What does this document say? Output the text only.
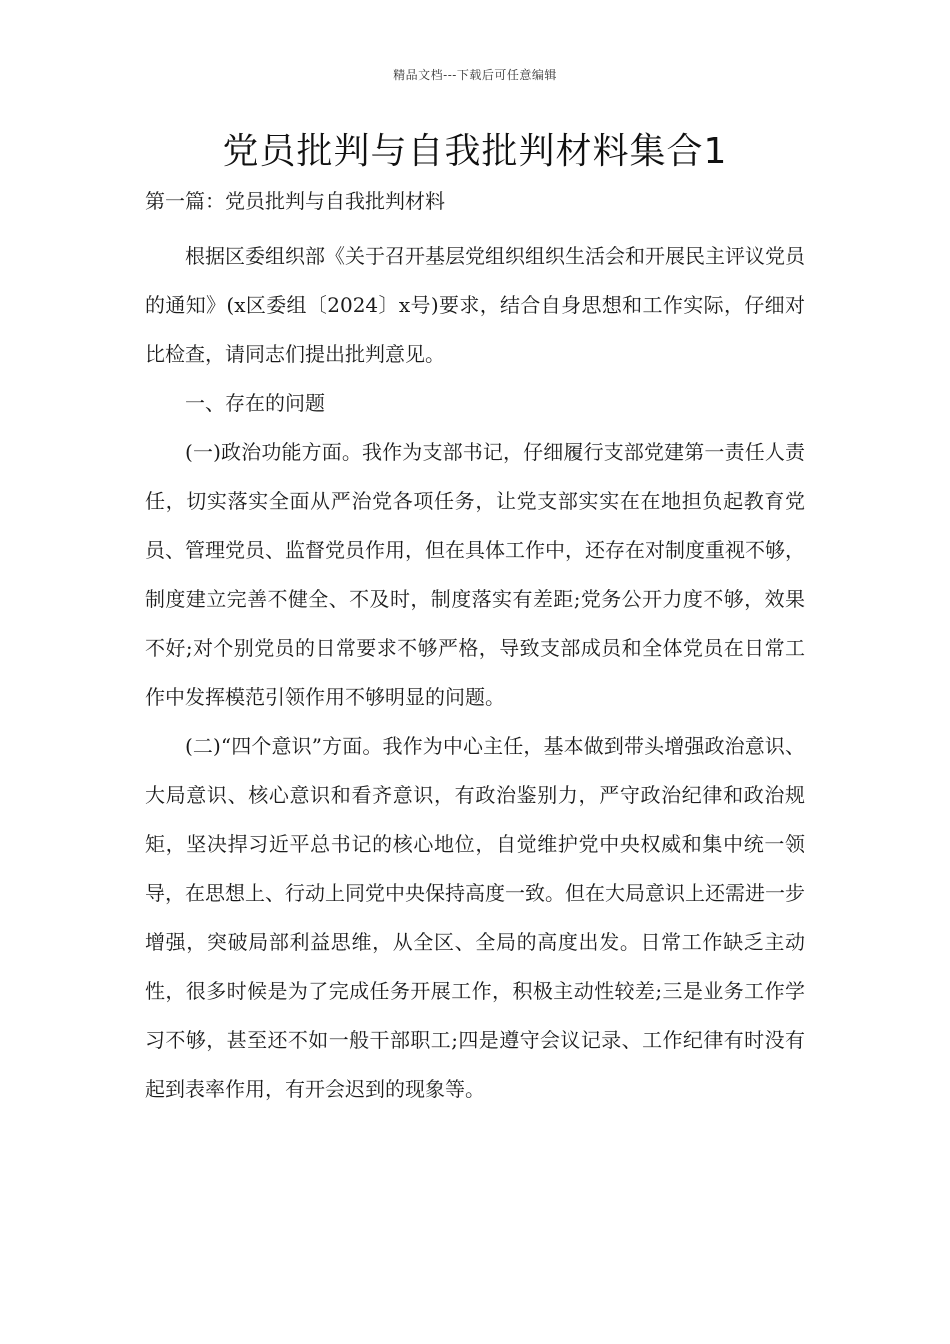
精品文档---下载后可任意编辑
党员批判与自我批判材料集合1

第一篇：党员批判与自我批判材料

根据区委组织部《关于召开基层党组织组织生活会和开展民主评议党员的通知》(x区委组〔2024〕x号)要求，结合自身思想和工作实际，仔细对比检查，请同志们提出批判意见。

一、存在的问题

(一)政治功能方面。我作为支部书记，仔细履行支部党建第一责任人责任，切实落实全面从严治党各项任务，让党支部实实在在地担负起教育党员、管理党员、监督党员作用，但在具体工作中，还存在对制度重视不够，制度建立完善不健全、不及时，制度落实有差距;党务公开力度不够，效果不好;对个别党员的日常要求不够严格，导致支部成员和全体党员在日常工作中发挥模范引领作用不够明显的问题。

(二)“四个意识”方面。我作为中心主任，基本做到带头增强政治意识、大局意识、核心意识和看齐意识，有政治鉴别力，严守政治纪律和政治规矩，坚决捍习近平总书记的核心地位，自觉维护党中央权威和集中统一领导，在思想上、行动上同党中央保持高度一致。但在大局意识上还需进一步增强，突破局部利益思维，从全区、全局的高度出发。日常工作缺乏主动性，很多时候是为了完成任务开展工作，积极主动性较差;三是业务工作学习不够，甚至还不如一般干部职工;四是遵守会议记录、工作纪律有时没有起到表率作用，有开会迟到的现象等。
